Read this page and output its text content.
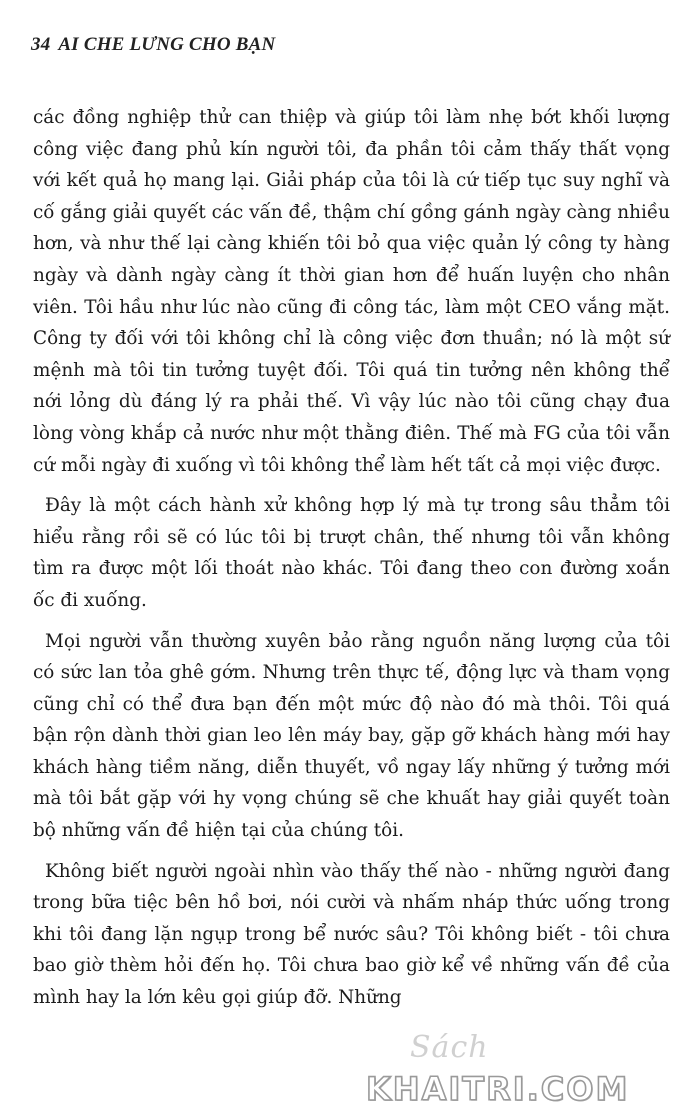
34 AI CHE LƯNG CHO BẠN

các đồng nghiệp thử can thiệp và giúp tôi làm nhẹ bớt khối lượng công việc đang phủ kín người tôi, đa phần tôi cảm thấy thất vọng với kết quả họ mang lại. Giải pháp của tôi là cứ tiếp tục suy nghĩ và cố gắng giải quyết các vấn đề, thậm chí gồng gánh ngày càng nhiều hơn, và như thế lại càng khiến tôi bỏ qua việc quản lý công ty hàng ngày và dành ngày càng ít thời gian hơn để huấn luyện cho nhân viên. Tôi hầu như lúc nào cũng đi công tác, làm một CEO vắng mặt. Công ty đối với tôi không chỉ là công việc đơn thuần; nó là một sứ mệnh mà tôi tin tưởng tuyệt đối. Tôi quá tin tưởng nên không thể nới lỏng dù đáng lý ra phải thế. Vì vậy lúc nào tôi cũng chạy đua lòng vòng khắp cả nước như một thằng điên. Thế mà FG của tôi vẫn cứ mỗi ngày đi xuống vì tôi không thể làm hết tất cả mọi việc được.

Đây là một cách hành xử không hợp lý mà tự trong sâu thẳm tôi hiểu rằng rồi sẽ có lúc tôi bị trượt chân, thế nhưng tôi vẫn không tìm ra được một lối thoát nào khác. Tôi đang theo con đường xoắn ốc đi xuống.

Mọi người vẫn thường xuyên bảo rằng nguồn năng lượng của tôi có sức lan tỏa ghê gớm. Nhưng trên thực tế, động lực và tham vọng cũng chỉ có thể đưa bạn đến một mức độ nào đó mà thôi. Tôi quá bận rộn dành thời gian leo lên máy bay, gặp gỡ khách hàng mới hay khách hàng tiềm năng, diễn thuyết, vồ ngay lấy những ý tưởng mới mà tôi bắt gặp với hy vọng chúng sẽ che khuất hay giải quyết toàn bộ những vấn đề hiện tại của chúng tôi.

Không biết người ngoài nhìn vào thấy thế nào - những người đang trong bữa tiệc bên hồ bơi, nói cười và nhấm nháp thức uống trong khi tôi đang lặn ngụp trong bể nước sâu? Tôi không biết - tôi chưa bao giờ thèm hỏi đến họ. Tôi chưa bao giờ kể về những vấn đề của mình hay la lớn kêu gọi giúp đỡ. Những

Sách
KHAITRI.COM
